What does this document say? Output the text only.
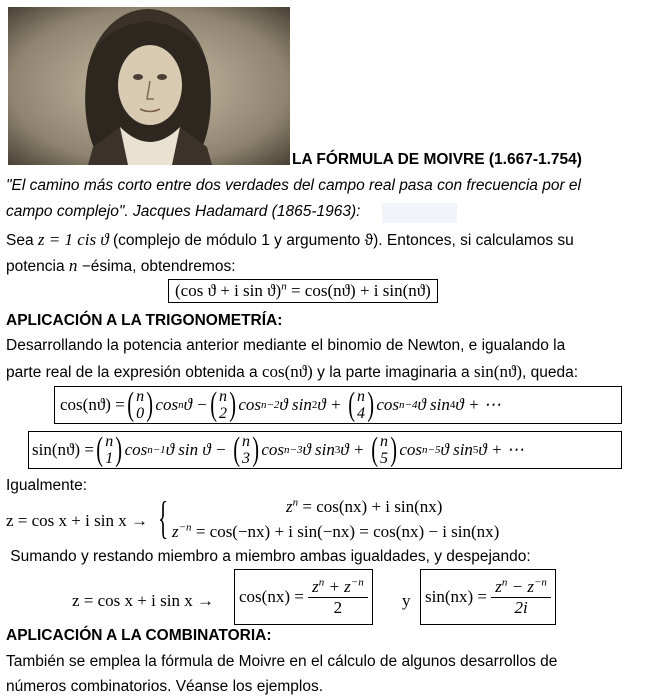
LA FÓRMULA DE MOIVRE (1.667-1.754)
"El camino más corto entre dos verdades del campo real pasa con frecuencia por el
campo complejo". Jacques Hadamard (1865-1963):
Sea z = 1 cis ϑ (complejo de módulo 1 y argumento ϑ). Entonces, si calculamos su
potencia n −ésima, obtendremos:
(cos ϑ + i sin ϑ)$^n$ = cos(nϑ) + i sin(nϑ)
APLICACIÓN A LA TRIGONOMETRÍA:
Desarrollando la potencia anterior mediante el binomio de Newton, e igualando la
parte real de la expresión obtenida a cos(nϑ) y la parte imaginaria a sin(nϑ), queda:
cos(nϑ) = ( n
0 ) cos n ϑ − ( n
2 ) cos n−2 ϑ sin 2 ϑ + ( n
4 ) cos n−4 ϑ sin 4 ϑ + ⋯
sin(nϑ) = ( n
1 ) cos n−1 ϑ sin ϑ − ( n
3 ) cos n−3 ϑ sin 3 ϑ + ( n
5 ) cos n−5 ϑ sin 5 ϑ + ⋯
Igualmente:
z = cos x + i sin x → {	$z^n = \cos(nx) + i$ sin(nx)
$z^{-n} = \cos(-nx) + i$ sin(−nx) = cos(nx) − i sin(nx)
Sumando y restando miembro a miembro ambas igualdades, y despejando:
z = cos x + i $\sin x \to \cos(nx) = \frac{z^n + z^{-n}}{2}$ y $\sin(nx) = \frac{z^n - z^{-n}}{2i}$
APLICACIÓN A LA COMBINATORIA:
También se emplea la fórmula de Moivre en el cálculo de algunos desarrollos de
números combinatorios. Véanse los ejemplos.
